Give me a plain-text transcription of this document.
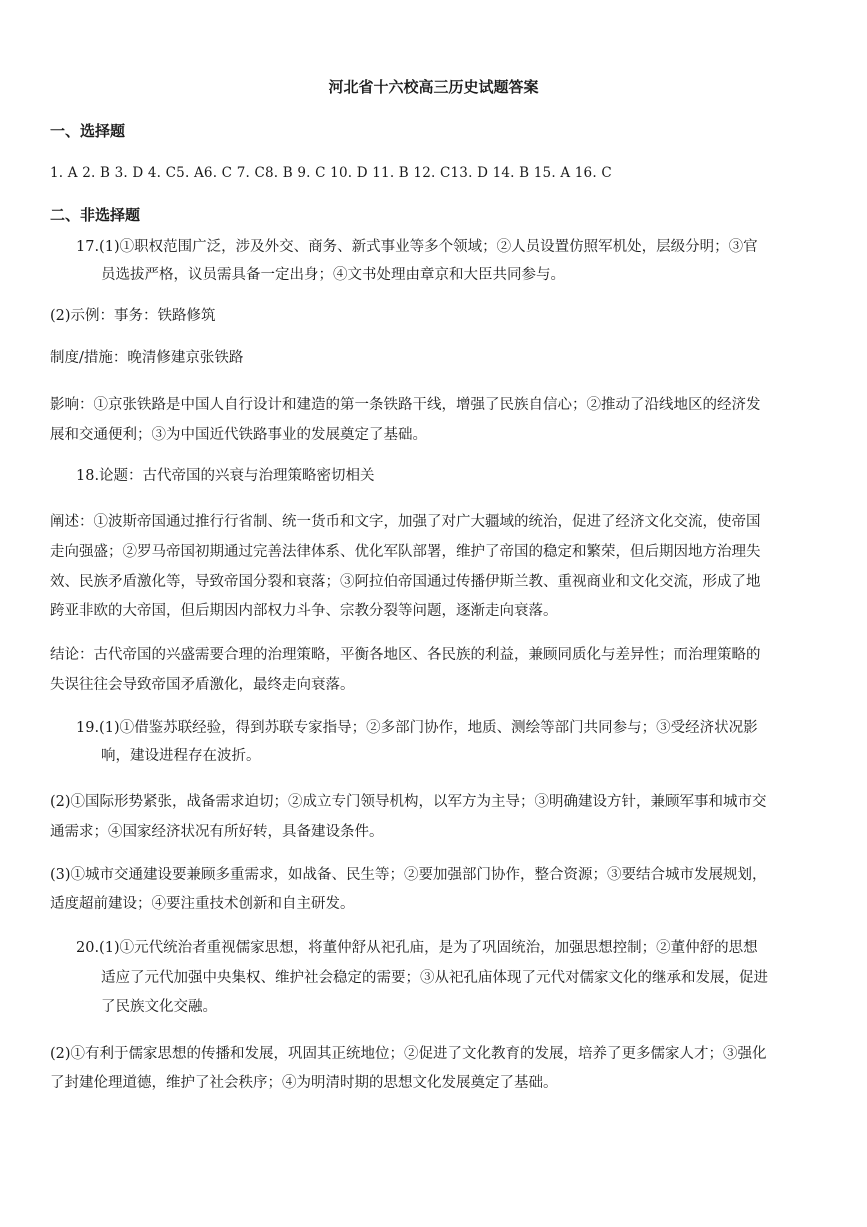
河北省十六校高三历史试题答案
一、选择题
1. A 2. B 3. D 4. C5. A6. C 7. C8. B 9. C 10. D 11. B 12. C13. D 14. B 15. A 16. C
二、非选择题
17.(1)①职权范围广泛，涉及外交、商务、新式事业等多个领域；②人员设置仿照军机处，层级分明；③官
员选拔严格，议员需具备一定出身；④文书处理由章京和大臣共同参与。
(2)示例：事务：铁路修筑
制度/措施：晚清修建京张铁路
影响：①京张铁路是中国人自行设计和建造的第一条铁路干线，增强了民族自信心；②推动了沿线地区的经济发
展和交通便利；③为中国近代铁路事业的发展奠定了基础。
18.论题：古代帝国的兴衰与治理策略密切相关
阐述：①波斯帝国通过推行行省制、统一货币和文字，加强了对广大疆域的统治，促进了经济文化交流，使帝国
走向强盛；②罗马帝国初期通过完善法律体系、优化军队部署，维护了帝国的稳定和繁荣，但后期因地方治理失
效、民族矛盾激化等，导致帝国分裂和衰落；③阿拉伯帝国通过传播伊斯兰教、重视商业和文化交流，形成了地
跨亚非欧的大帝国，但后期因内部权力斗争、宗教分裂等问题，逐渐走向衰落。
结论：古代帝国的兴盛需要合理的治理策略，平衡各地区、各民族的利益，兼顾同质化与差异性；而治理策略的
失误往往会导致帝国矛盾激化，最终走向衰落。
19.(1)①借鉴苏联经验，得到苏联专家指导；②多部门协作，地质、测绘等部门共同参与；③受经济状况影
响，建设进程存在波折。
(2)①国际形势紧张，战备需求迫切；②成立专门领导机构，以军方为主导；③明确建设方针，兼顾军事和城市交
通需求；④国家经济状况有所好转，具备建设条件。
(3)①城市交通建设要兼顾多重需求，如战备、民生等；②要加强部门协作，整合资源；③要结合城市发展规划，
适度超前建设；④要注重技术创新和自主研发。
20.(1)①元代统治者重视儒家思想，将董仲舒从祀孔庙，是为了巩固统治，加强思想控制；②董仲舒的思想
适应了元代加强中央集权、维护社会稳定的需要；③从祀孔庙体现了元代对儒家文化的继承和发展，促进
了民族文化交融。
(2)①有利于儒家思想的传播和发展，巩固其正统地位；②促进了文化教育的发展，培养了更多儒家人才；③强化
了封建伦理道德，维护了社会秩序；④为明清时期的思想文化发展奠定了基础。
